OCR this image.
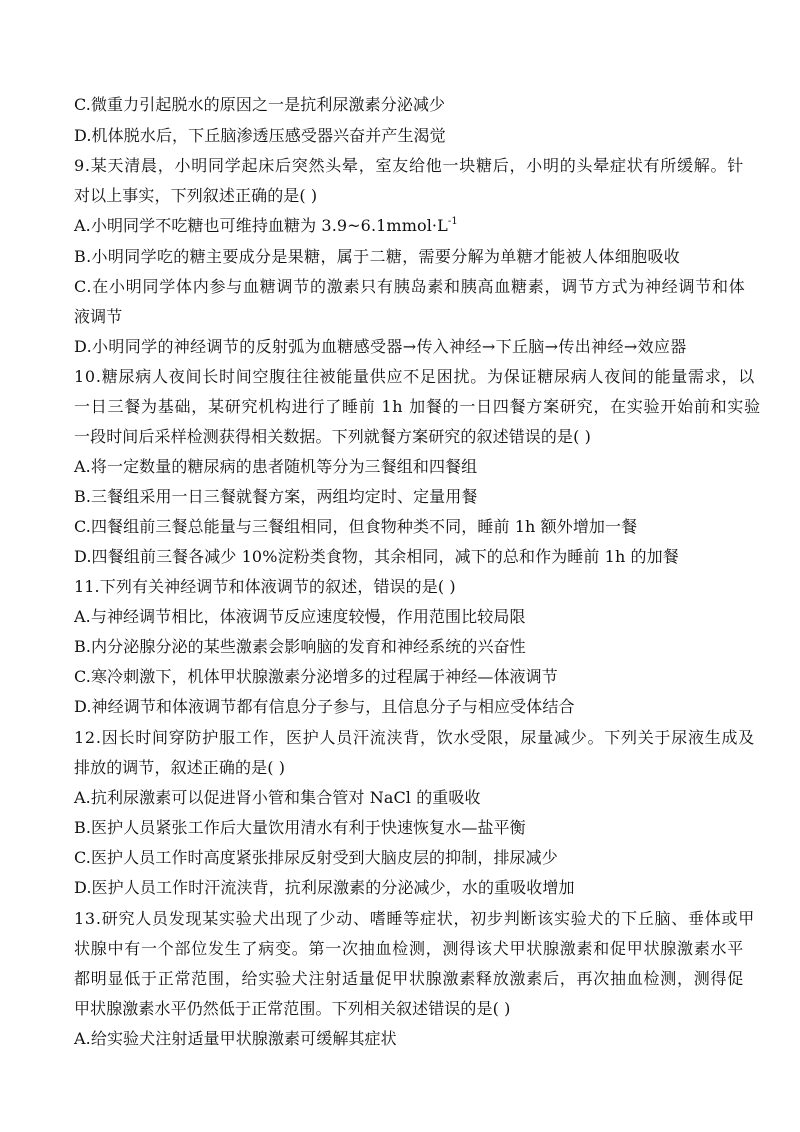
C.微重力引起脱水的原因之一是抗利尿激素分泌减少
D.机体脱水后，下丘脑渗透压感受器兴奋并产生渴觉
9.某天清晨，小明同学起床后突然头晕，室友给他一块糖后，小明的头晕症状有所缓解。针
对以上事实，下列叙述正确的是( )
A.小明同学不吃糖也可维持血糖为 $3.9\sim 6.1mmol\cdot L^{-1}$
B.小明同学吃的糖主要成分是果糖，属于二糖，需要分解为单糖才能被人体细胞吸收
C.在小明同学体内参与血糖调节的激素只有胰岛素和胰高血糖素，调节方式为神经调节和体
液调节
D.小明同学的神经调节的反射弧为血糖感受器→传入神经→下丘脑→传出神经→效应器
10.糖尿病人夜间长时间空腹往往被能量供应不足困扰。为保证糖尿病人夜间的能量需求，以
一日三餐为基础，某研究机构进行了睡前 1h 加餐的一日四餐方案研究，在实验开始前和实验
一段时间后采样检测获得相关数据。下列就餐方案研究的叙述错误的是( )
A.将一定数量的糖尿病的患者随机等分为三餐组和四餐组
B.三餐组采用一日三餐就餐方案，两组均定时、定量用餐
C.四餐组前三餐总能量与三餐组相同，但食物种类不同，睡前 1h 额外增加一餐
D.四餐组前三餐各减少 10%淀粉类食物，其余相同，减下的总和作为睡前 1h 的加餐
11.下列有关神经调节和体液调节的叙述，错误的是( )
A.与神经调节相比，体液调节反应速度较慢，作用范围比较局限
B.内分泌腺分泌的某些激素会影响脑的发育和神经系统的兴奋性
C.寒冷刺激下，机体甲状腺激素分泌增多的过程属于神经—体液调节
D.神经调节和体液调节都有信息分子参与，且信息分子与相应受体结合
12.因长时间穿防护服工作，医护人员汗流浃背，饮水受限，尿量减少。下列关于尿液生成及
排放的调节，叙述正确的是( )
A.抗利尿激素可以促进肾小管和集合管对 NaCl 的重吸收
B.医护人员紧张工作后大量饮用清水有利于快速恢复水—盐平衡
C.医护人员工作时高度紧张排尿反射受到大脑皮层的抑制，排尿减少
D.医护人员工作时汗流浃背，抗利尿激素的分泌减少，水的重吸收增加
13.研究人员发现某实验犬出现了少动、嗜睡等症状，初步判断该实验犬的下丘脑、垂体或甲
状腺中有一个部位发生了病变。第一次抽血检测，测得该犬甲状腺激素和促甲状腺激素水平
都明显低于正常范围，给实验犬注射适量促甲状腺激素释放激素后，再次抽血检测，测得促
甲状腺激素水平仍然低于正常范围。下列相关叙述错误的是( )
A.给实验犬注射适量甲状腺激素可缓解其症状
